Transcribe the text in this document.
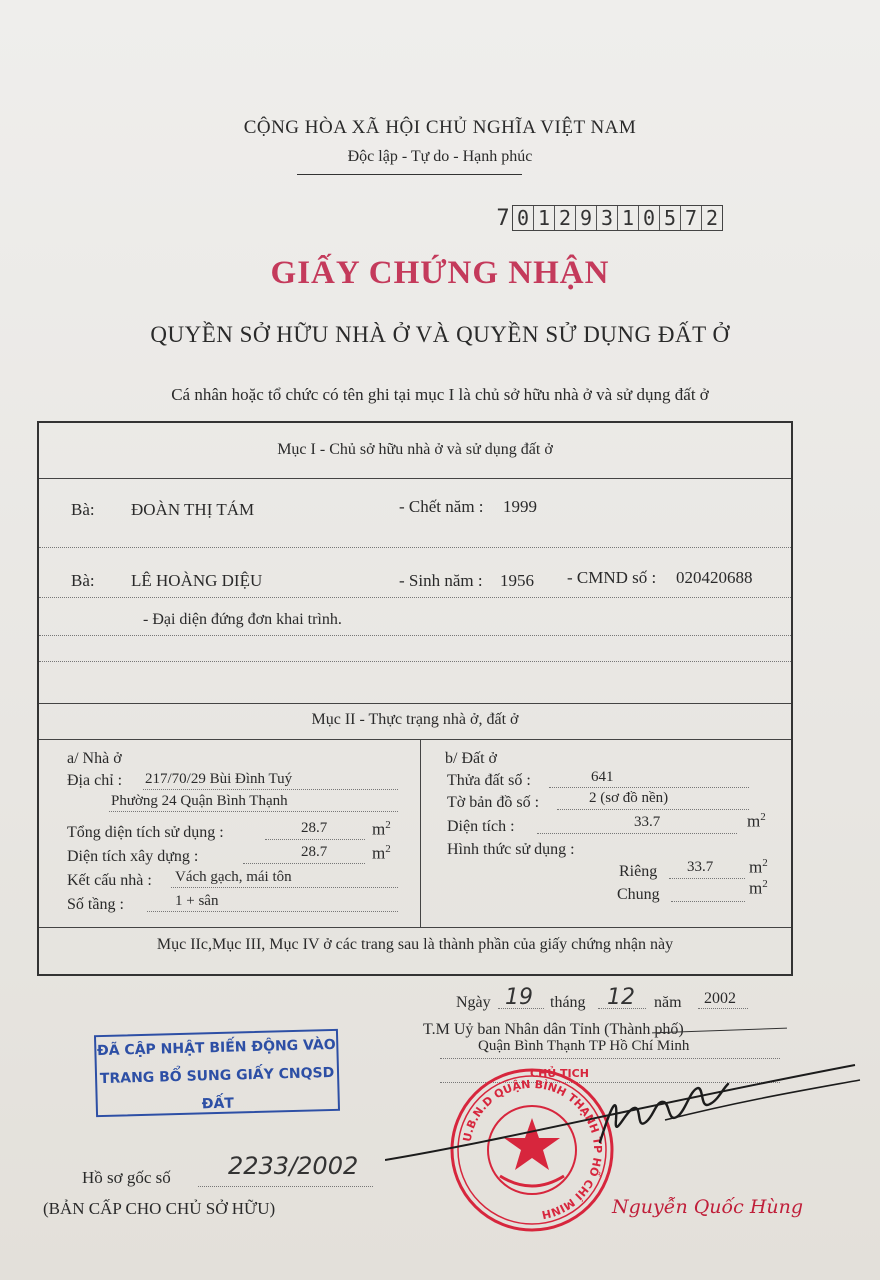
CỘNG HÒA XÃ HỘI CHỦ NGHĨA VIỆT NAM
Độc lập - Tự do - Hạnh phúc
7 0 1 2 9 3 1 0 5 7 2
GIẤY CHỨNG NHẬN
QUYỀN SỞ HỮU NHÀ Ở VÀ QUYỀN SỬ DỤNG ĐẤT Ở
Cá nhân hoặc tổ chức có tên ghi tại mục I là chủ sở hữu nhà ở và sử dụng đất ở
Mục I - Chủ sở hữu nhà ở và sử dụng đất ở
Bà: ĐOÀN THỊ TÁM	- Chết năm : 1999
Bà: LÊ HOÀNG DIỆU	- Sinh năm : 1956 - CMND số : 020420688
- Đại diện đứng đơn khai trình.
Mục II - Thực trạng nhà ở, đất ở
a/ Nhà ở
Địa chỉ : 217/70/29 Bùi Đình Tuý
Phường 24 Quận Bình Thạnh
Tổng diện tích sử dụng :	28.7	$m^2$
Diện tích xây dựng :	28.7	$m^2$
Kết cấu nhà : Vách gạch, mái tôn
Số tầng :	1 + sân
b/ Đất ở
Thửa đất số :	641
Tờ bản đồ số :	2 (sơ đồ nền)
Diện tích :	33.7	$m^2$
Hình thức sử dụng :
Riêng 33.7 $m^2$
Chung	$m^2$
Mục IIc,Mục III, Mục IV ở các trang sau là thành phần của giấy chứng nhận này
Ngày 19 tháng 12 năm 2002
T.M Uỷ ban Nhân dân Tỉnh (Thành phố)
Quận Bình Thạnh TP Hồ Chí Minh
ĐÃ CẬP NHẬT BIẾN ĐỘNG VÀO
TRANG BỔ SUNG GIẤY CNQSD ĐẤT
U.B.N.D QUẬN BÌNH THẠNH TP HỒ CHÍ MINH
CHỦ TỊCH
Nguyễn Quốc Hùng
Hồ sơ gốc số 2233/2002
(BẢN CẤP CHO CHỦ SỞ HỮU)
